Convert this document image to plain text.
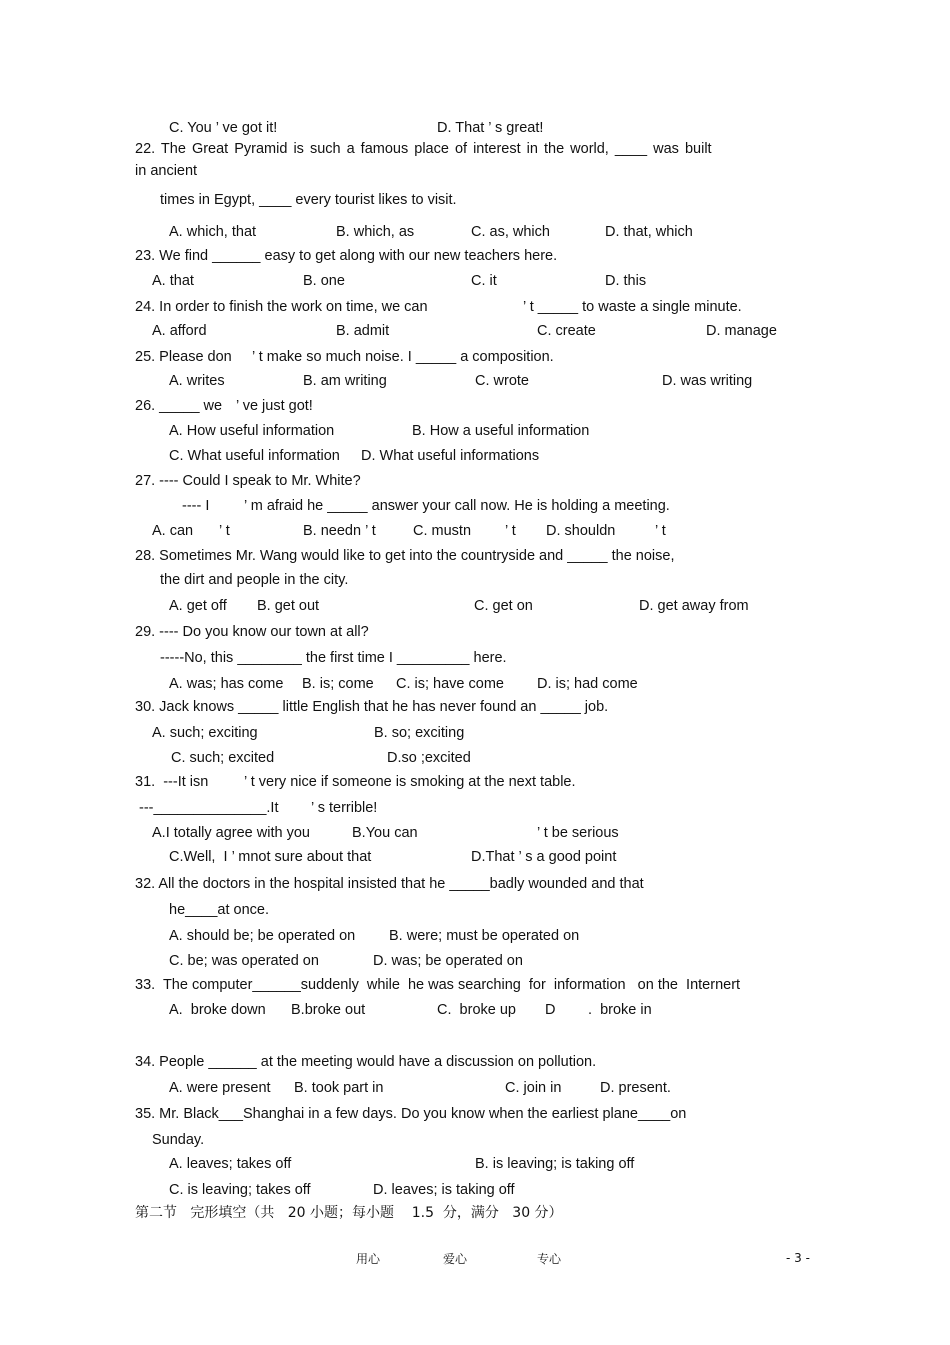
C. You ’ ve got it!	D. That ’ s great!
22. The Great Pyramid is such a famous place of interest in the world, ____ was built
in ancient
times in Egypt, ____ every tourist likes to visit.
A. which, that	B. which, as	C. as, which	D. that, which
23. We find ______ easy to get along with our new teachers here.
A. that	B. one	C. it	D. this
24. In order to finish the work on time, we can	’ t _____ to waste a single minute.
A. afford	B. admit	C. create	D. manage
25. Please don ’ t make so much noise. I _____ a composition.
A. writes	B. am writing	C. wrote	D. was writing
26. _____ we ’ ve just got!
A. How useful information	B. How a useful information
C. What useful information D. What useful informations
27. ---- Could I speak to Mr. White?
---- I ’ m afraid he _____ answer your call now. He is holding a meeting.
A. can ’ t	B. needn ’ t	C. mustn ’ t D. shouldn	’ t
28. Sometimes Mr. Wang would like to get into the countryside and _____ the noise,
the dirt and people in the city.
A. get off B. get out	C. get on	D. get away from
29. ---- Do you know our town at all?
-----No, this ________ the first time I _________ here.
A. was; has come B. is; come C. is; have come D. is; had come
30. Jack knows _____ little English that he has never found an _____ job.
A. such; exciting	B. so; exciting
C. such; excited	D.so ;excited
31.  ---It isn ’ t very nice if someone is smoking at the next table.
---______________.It ’ s terrible!
A.I totally agree with you	B.You can	’ t be serious
C.Well,  I ’ mnot sure about that	D.That ’ s a good point
32. All the doctors in the hospital insisted that he _____badly wounded and that
he____at once.
A. should be; be operated on B. were; must be operated on
C. be; was operated on	D. was; be operated on
33.  The computer______suddenly  while  he was searching  for  information   on the  Internert
A.  broke down B.broke out	C.  broke up D .  broke in
34. People ______ at the meeting would have a discussion on pollution.
A. were present B. took part in	C. join in	D. present.
35. Mr. Black___Shanghai in a few days. Do you know when the earliest plane____on
Sunday.
A. leaves; takes off	B. is leaving; is taking off
C. is leaving; takes off	D. leaves; is taking off
第二节   完形填空（共   20 小题；每小题    1.5  分，满分   30 分）
用心	爱心	专心	- 3 -
